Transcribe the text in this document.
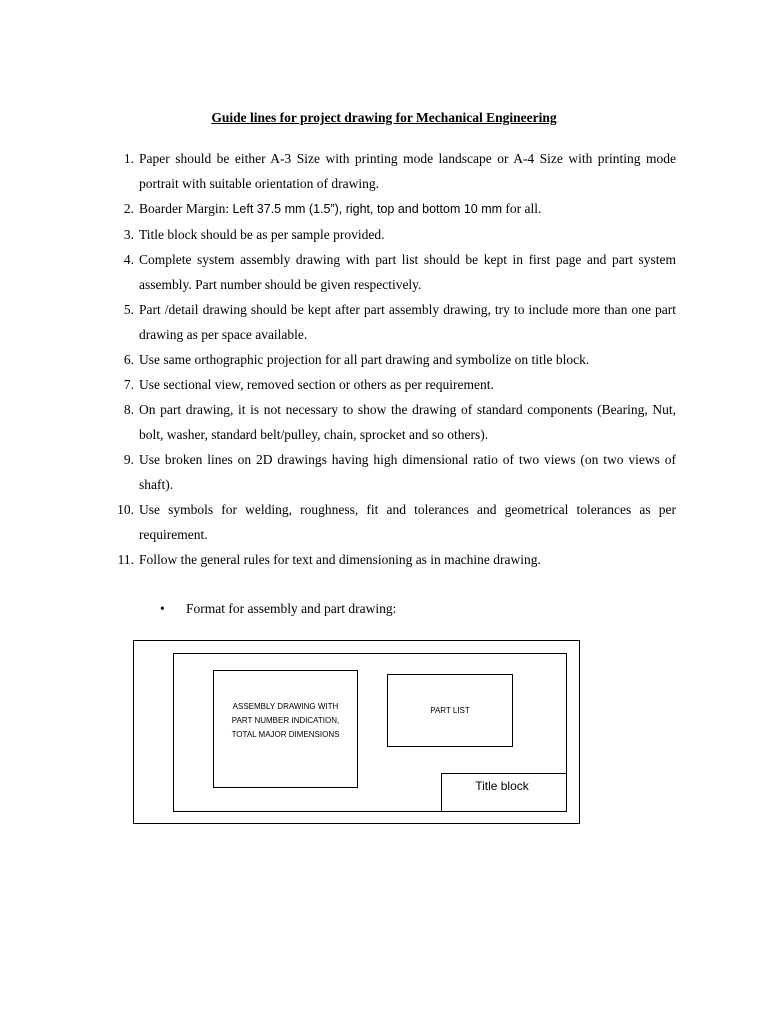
Guide lines for project drawing for Mechanical Engineering
1. Paper should be either A-3 Size with printing mode landscape or A-4 Size with printing mode portrait with suitable orientation of drawing.
2. Boarder Margin: Left 37.5 mm (1.5”), right, top and bottom 10 mm for all.
3. Title block should be as per sample provided.
4. Complete system assembly drawing with part list should be kept in first page and part system assembly. Part number should be given respectively.
5. Part /detail drawing should be kept after part assembly drawing, try to include more than one part drawing as per space available.
6. Use same orthographic projection for all part drawing and symbolize on title block.
7. Use sectional view, removed section or others as per requirement.
8. On part drawing, it is not necessary to show the drawing of standard components (Bearing, Nut, bolt, washer, standard belt/pulley, chain, sprocket and so others).
9. Use broken lines on 2D drawings having high dimensional ratio of two views (on two views of shaft).
10. Use symbols for welding, roughness, fit and tolerances and geometrical tolerances as per requirement.
11. Follow the general rules for text and dimensioning as in machine drawing.
• Format for assembly and part drawing:
ASSEMBLY DRAWING WITH
PART NUMBER INDICATION,
TOTAL MAJOR DIMENSIONS
PART LIST
Title block
